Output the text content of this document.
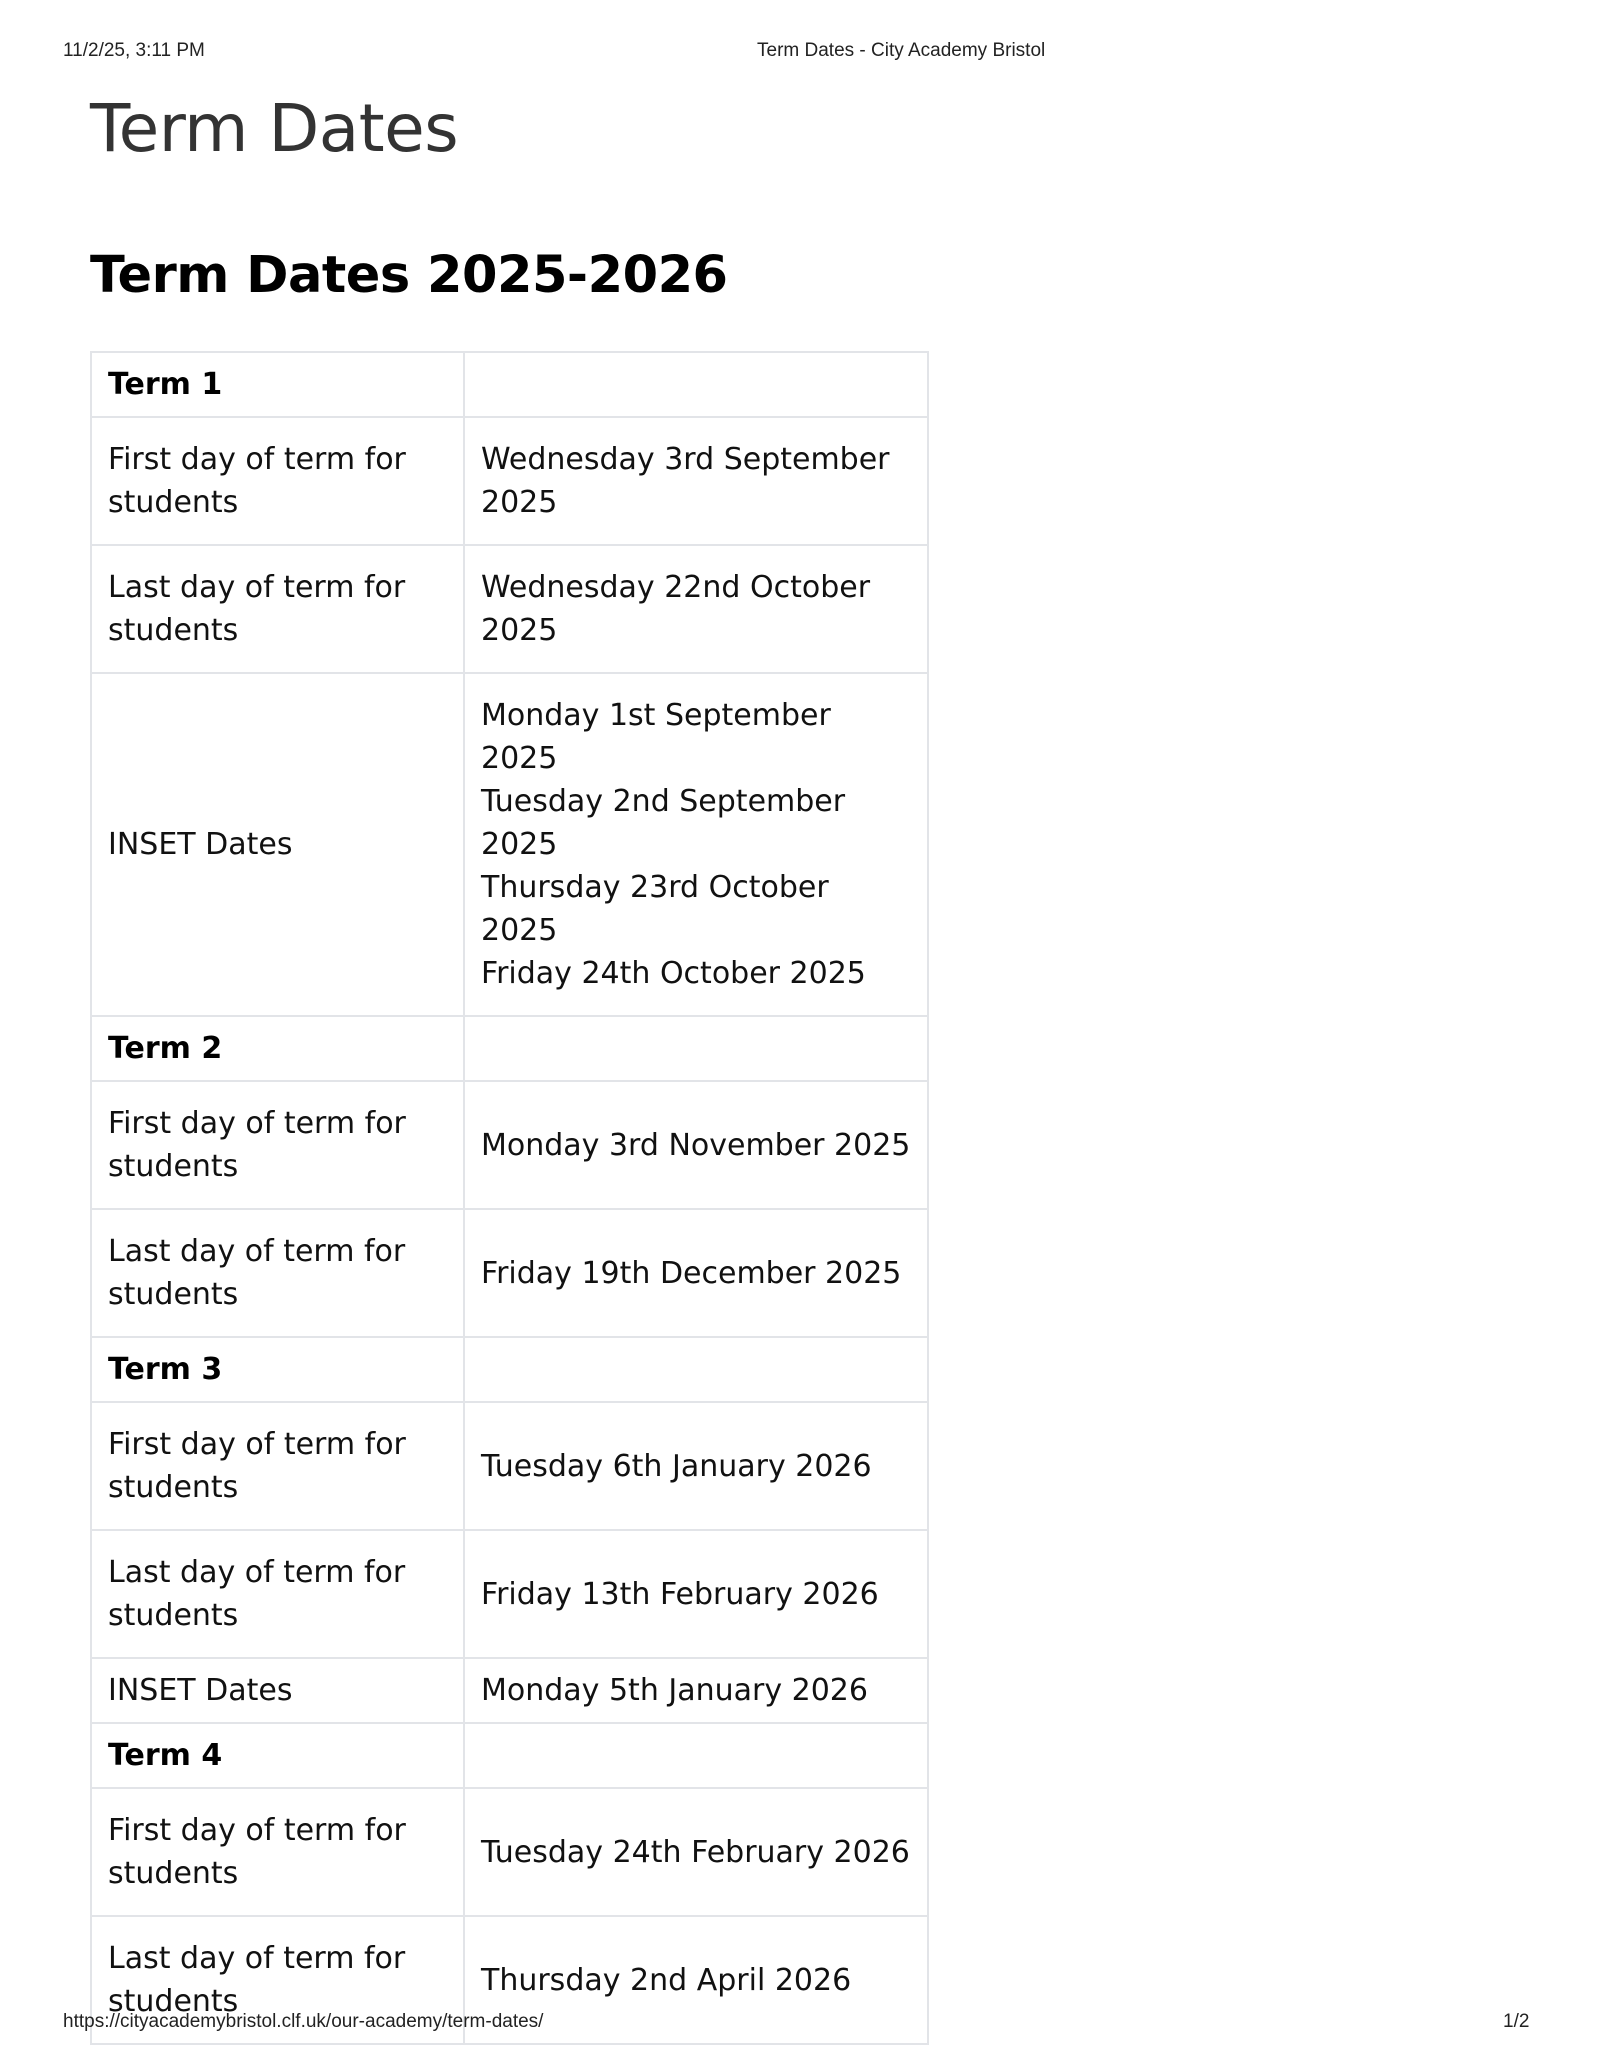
11/2/25, 3:11 PM	Term Dates - City Academy Bristol
Term Dates
Term Dates 2025-2026
Term 1	
First day of term for students	Wednesday 3rd September 2025

Last day of term for students	Wednesday 22nd October 2025

INSET Dates	Monday 1st September 2025
Tuesday 2nd September 2025
Thursday 23rd October 2025
Friday 24th October 2025

Term 2	
First day of term for students	Monday 3rd November 2025

Last day of term for students	Friday 19th December 2025

Term 3	
First day of term for students	Tuesday 6th January 2026

Last day of term for students	Friday 13th February 2026

INSET Dates	Monday 5th January 2026

Term 4	
First day of term for students	Tuesday 24th February 2026

Last day of term for students	Thursday 2nd April 2026
https://cityacademybristol.clf.uk/our-academy/term-dates/	1/2
